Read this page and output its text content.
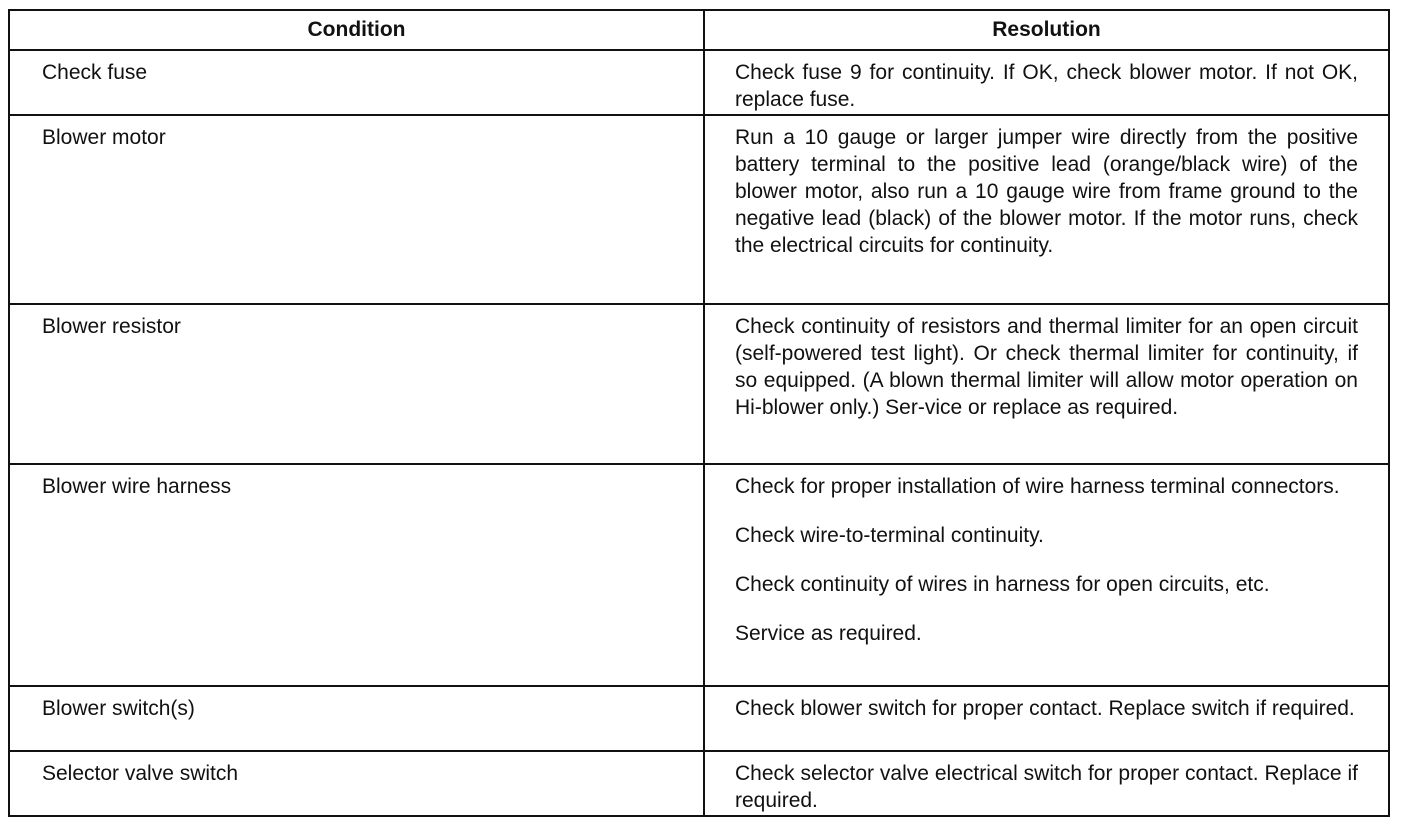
Condition	Resolution
Check fuse	Check fuse 9 for continuity. If OK, check blower motor. If not OK, replace fuse.

Blower motor	Run a 10 gauge or larger jumper wire directly from the positive battery terminal to the positive lead (orange/black wire) of the blower motor, also run a 10 gauge wire from frame ground to the negative lead (black) of the blower motor. If the motor runs, check the electrical circuits for continuity.

Blower resistor	Check continuity of resistors and thermal limiter for an open circuit (self-powered test light). Or check thermal limiter for continuity, if so equipped. (A blown thermal limiter will allow motor operation on Hi-blower only.) Ser-vice or replace as required.

Blower wire harness	Check for proper installation of wire harness terminal connectors.
Check wire-to-terminal continuity.
Check continuity of wires in harness for open circuits, etc.
Service as required.

Blower switch(s)	Check blower switch for proper contact. Replace switch if required.

Selector valve switch	Check selector valve electrical switch for proper contact. Replace if required.
